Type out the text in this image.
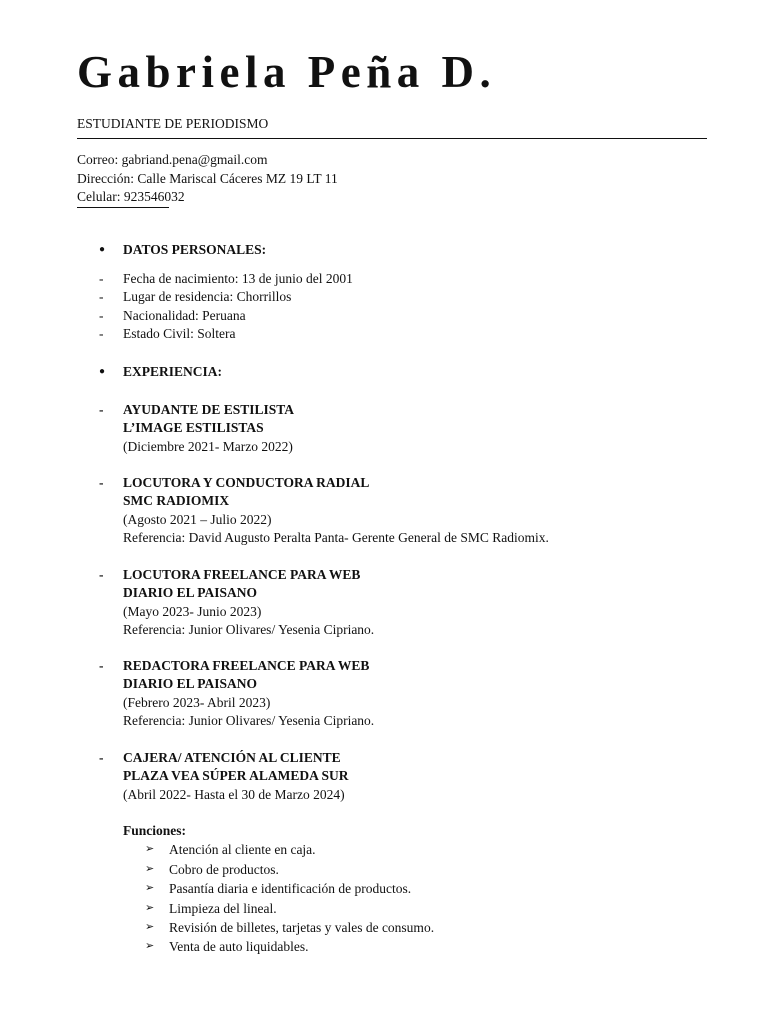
Gabriela Peña D.

ESTUDIANTE DE PERIODISMO

Correo: gabriand.pena@gmail.com
Dirección: Calle Mariscal Cáceres MZ 19 LT 11
Celular: 923546032
● DATOS PERSONALES:
- Fecha de nacimiento: 13 de junio del 2001
- Lugar de residencia: Chorrillos
- Nacionalidad: Peruana
- Estado Civil: Soltera
● EXPERIENCIA:
- AYUDANTE DE ESTILISTA
L’IMAGE ESTILISTAS
(Diciembre 2021- Marzo 2022)
- LOCUTORA Y CONDUCTORA RADIAL
SMC RADIOMIX
(Agosto 2021 – Julio 2022)
Referencia: David Augusto Peralta Panta- Gerente General de SMC Radiomix.
- LOCUTORA FREELANCE PARA WEB
DIARIO EL PAISANO
(Mayo 2023- Junio 2023)
Referencia: Junior Olivares/ Yesenia Cipriano.
- REDACTORA FREELANCE PARA WEB
DIARIO EL PAISANO
(Febrero 2023- Abril 2023)
Referencia: Junior Olivares/ Yesenia Cipriano.
- CAJERA/ ATENCIÓN AL CLIENTE
PLAZA VEA SÚPER ALAMEDA SUR
(Abril 2022- Hasta el 30 de Marzo 2024)
Funciones:
➢ Atención al cliente en caja.
➢ Cobro de productos.
➢ Pasantía diaria e identificación de productos.
➢ Limpieza del lineal.
➢ Revisión de billetes, tarjetas y vales de consumo.
➢ Venta de auto liquidables.
